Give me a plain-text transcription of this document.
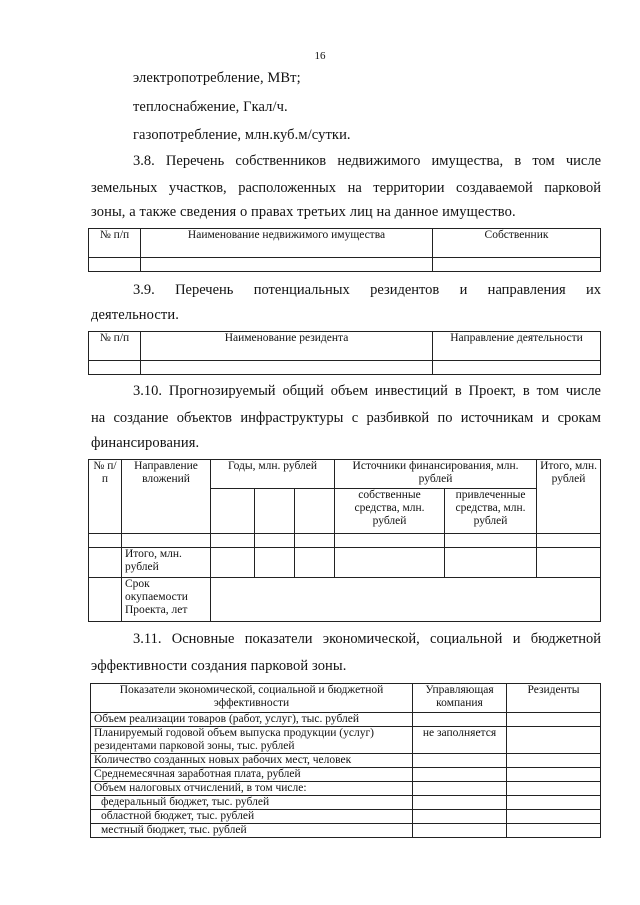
16
электропотребление, МВт;
теплоснабжение, Гкал/ч.
газопотребление, млн.куб.м/сутки.
3.8. Перечень собственников недвижимого имущества, в том числе
земельных участков, расположенных на территории создаваемой парковой
зоны, а также сведения о правах третьих лиц на данное имущество.
№ п/п	Наименование недвижимого имущества	Собственник

3.9. Перечень потенциальных резидентов и направления их
деятельности.
№ п/п	Наименование резидента	Направление деятельности

3.10. Прогнозируемый общий объем инвестиций в Проект, в том числе
на создание объектов инфраструктуры с разбивкой по источникам и срокам
финансирования.
№ п/п	Направление вложений	Годы, млн. рублей			Источники финансирования, млн. рублей		Итого, млн. рублей
					собственные средства, млн. рублей	привлеченные средства, млн. рублей	

	Итого, млн. рублей						
	Срок окупаемости Проекта, лет						
3.11. Основные показатели экономической, социальной и бюджетной
эффективности создания парковой зоны.
Показатели экономической, социальной и бюджетной эффективности	Управляющая компания	Резиденты
Объем реализации товаров (работ, услуг), тыс. рублей		
Планируемый годовой объем выпуска продукции (услуг) резидентами парковой зоны, тыс. рублей	не заполняется	
Количество созданных новых рабочих мест, человек		
Среднемесячная заработная плата, рублей		
Объем налоговых отчислений, в том числе:		
федеральный бюджет, тыс. рублей		
областной бюджет, тыс. рублей		
местный бюджет, тыс. рублей		
